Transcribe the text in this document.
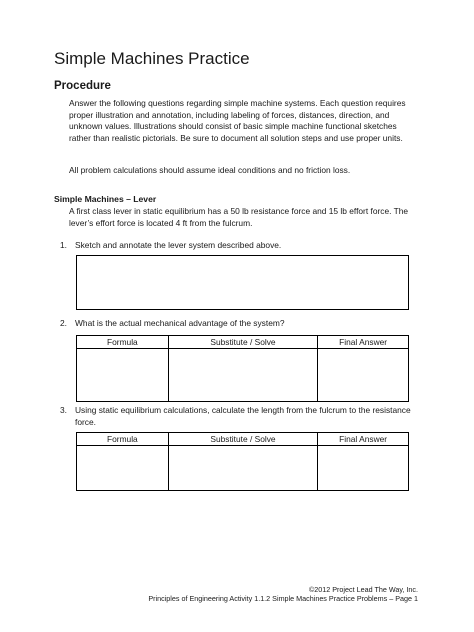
Simple Machines Practice
Procedure
Answer the following questions regarding simple machine systems. Each question requires proper illustration and annotation, including labeling of forces, distances, direction, and unknown values. Illustrations should consist of basic simple machine functional sketches rather than realistic pictorials. Be sure to document all solution steps and use proper units.
All problem calculations should assume ideal conditions and no friction loss.
Simple Machines – Lever
A first class lever in static equilibrium has a 50 lb resistance force and 15 lb effort force. The lever’s effort force is located 4 ft from the fulcrum.
1. Sketch and annotate the lever system described above.
2. What is the actual mechanical advantage of the system?
Formula	Substitute / Solve	Final Answer

3. Using static equilibrium calculations, calculate the length from the fulcrum to the resistance force.
Formula	Substitute / Solve	Final Answer

©2012 Project Lead The Way, Inc.
Principles of Engineering Activity 1.1.2 Simple Machines Practice Problems – Page 1
